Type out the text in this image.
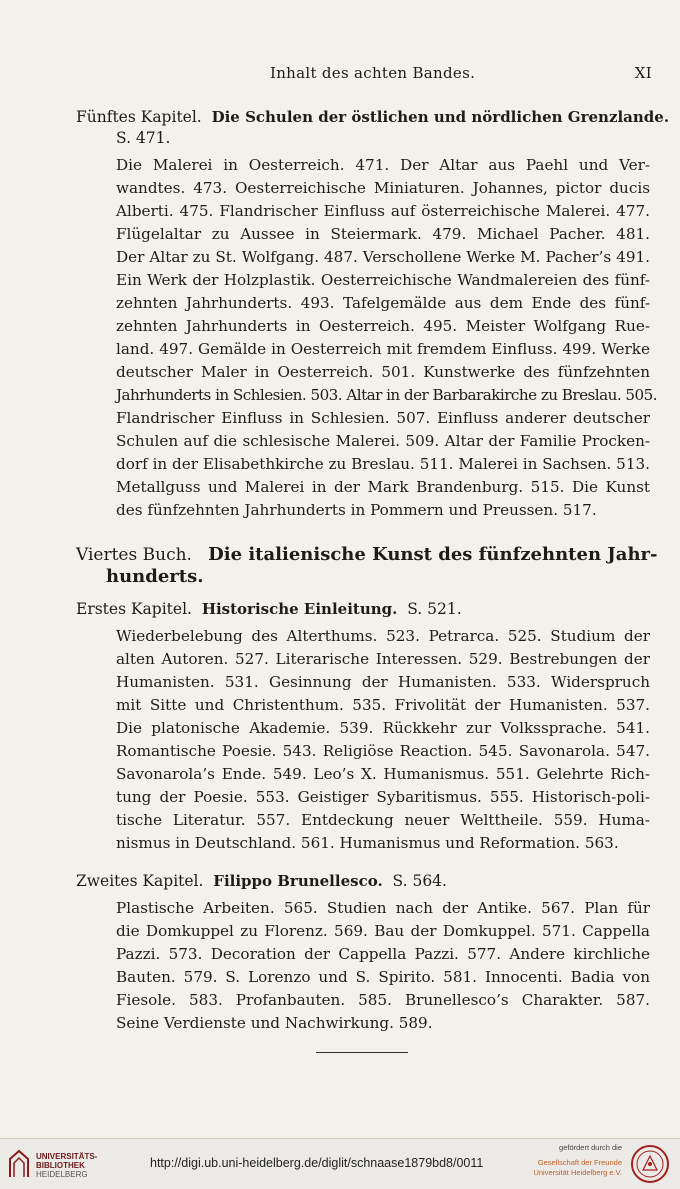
Inhalt des achten Bandes.	XI
Fünftes Kapitel. Die Schulen der östlichen und nördlichen Grenzlande.
S. 471.
Die Malerei in Oesterreich. 471. Der Altar aus Paehl und Ver-
wandtes. 473. Oesterreichische Miniaturen. Johannes, pictor ducis
Alberti. 475. Flandrischer Einfluss auf österreichische Malerei. 477.
Flügelaltar zu Aussee in Steiermark. 479. Michael Pacher. 481.
Der Altar zu St. Wolfgang. 487. Verschollene Werke M. Pacher’s 491.
Ein Werk der Holzplastik. Oesterreichische Wandmalereien des fünf-
zehnten Jahrhunderts. 493. Tafelgemälde aus dem Ende des fünf-
zehnten Jahrhunderts in Oesterreich. 495. Meister Wolfgang Rue-
land. 497. Gemälde in Oesterreich mit fremdem Einfluss. 499. Werke
deutscher Maler in Oesterreich. 501. Kunstwerke des fünfzehnten
Jahrhunderts in Schlesien. 503. Altar in der Barbarakirche zu Breslau. 505.
Flandrischer Einfluss in Schlesien. 507. Einfluss anderer deutscher
Schulen auf die schlesische Malerei. 509. Altar der Familie Procken-
dorf in der Elisabethkirche zu Breslau. 511. Malerei in Sachsen. 513.
Metallguss und Malerei in der Mark Brandenburg. 515. Die Kunst
des fünfzehnten Jahrhunderts in Pommern und Preussen. 517.
Viertes Buch. Die italienische Kunst des fünfzehnten Jahr-
hunderts.
Erstes Kapitel. Historische Einleitung. S. 521.
Wiederbelebung des Alterthums. 523. Petrarca. 525. Studium der
alten Autoren. 527. Literarische Interessen. 529. Bestrebungen der
Humanisten. 531. Gesinnung der Humanisten. 533. Widerspruch
mit Sitte und Christenthum. 535. Frivolität der Humanisten. 537.
Die platonische Akademie. 539. Rückkehr zur Volkssprache. 541.
Romantische Poesie. 543. Religiöse Reaction. 545. Savonarola. 547.
Savonarola’s Ende. 549. Leo’s X. Humanismus. 551. Gelehrte Rich-
tung der Poesie. 553. Geistiger Sybaritismus. 555. Historisch-poli-
tische Literatur. 557. Entdeckung neuer Welttheile. 559. Huma-
nismus in Deutschland. 561. Humanismus und Reformation. 563.
Zweites Kapitel. Filippo Brunellesco. S. 564.
Plastische Arbeiten. 565. Studien nach der Antike. 567. Plan für
die Domkuppel zu Florenz. 569. Bau der Domkuppel. 571. Cappella
Pazzi. 573. Decoration der Cappella Pazzi. 577. Andere kirchliche
Bauten. 579. S. Lorenzo und S. Spirito. 581. Innocenti. Badia von
Fiesole. 583. Profanbauten. 585. Brunellesco’s Charakter. 587.
Seine Verdienste und Nachwirkung. 589.
UNIVERSITÄTS-
BIBLIOTHEK
HEIDELBERG
http://digi.ub.uni-heidelberg.de/diglit/schnaase1879bd8/0011
gefördert durch die
Gesellschaft der Freunde
Universität Heidelberg e.V.
